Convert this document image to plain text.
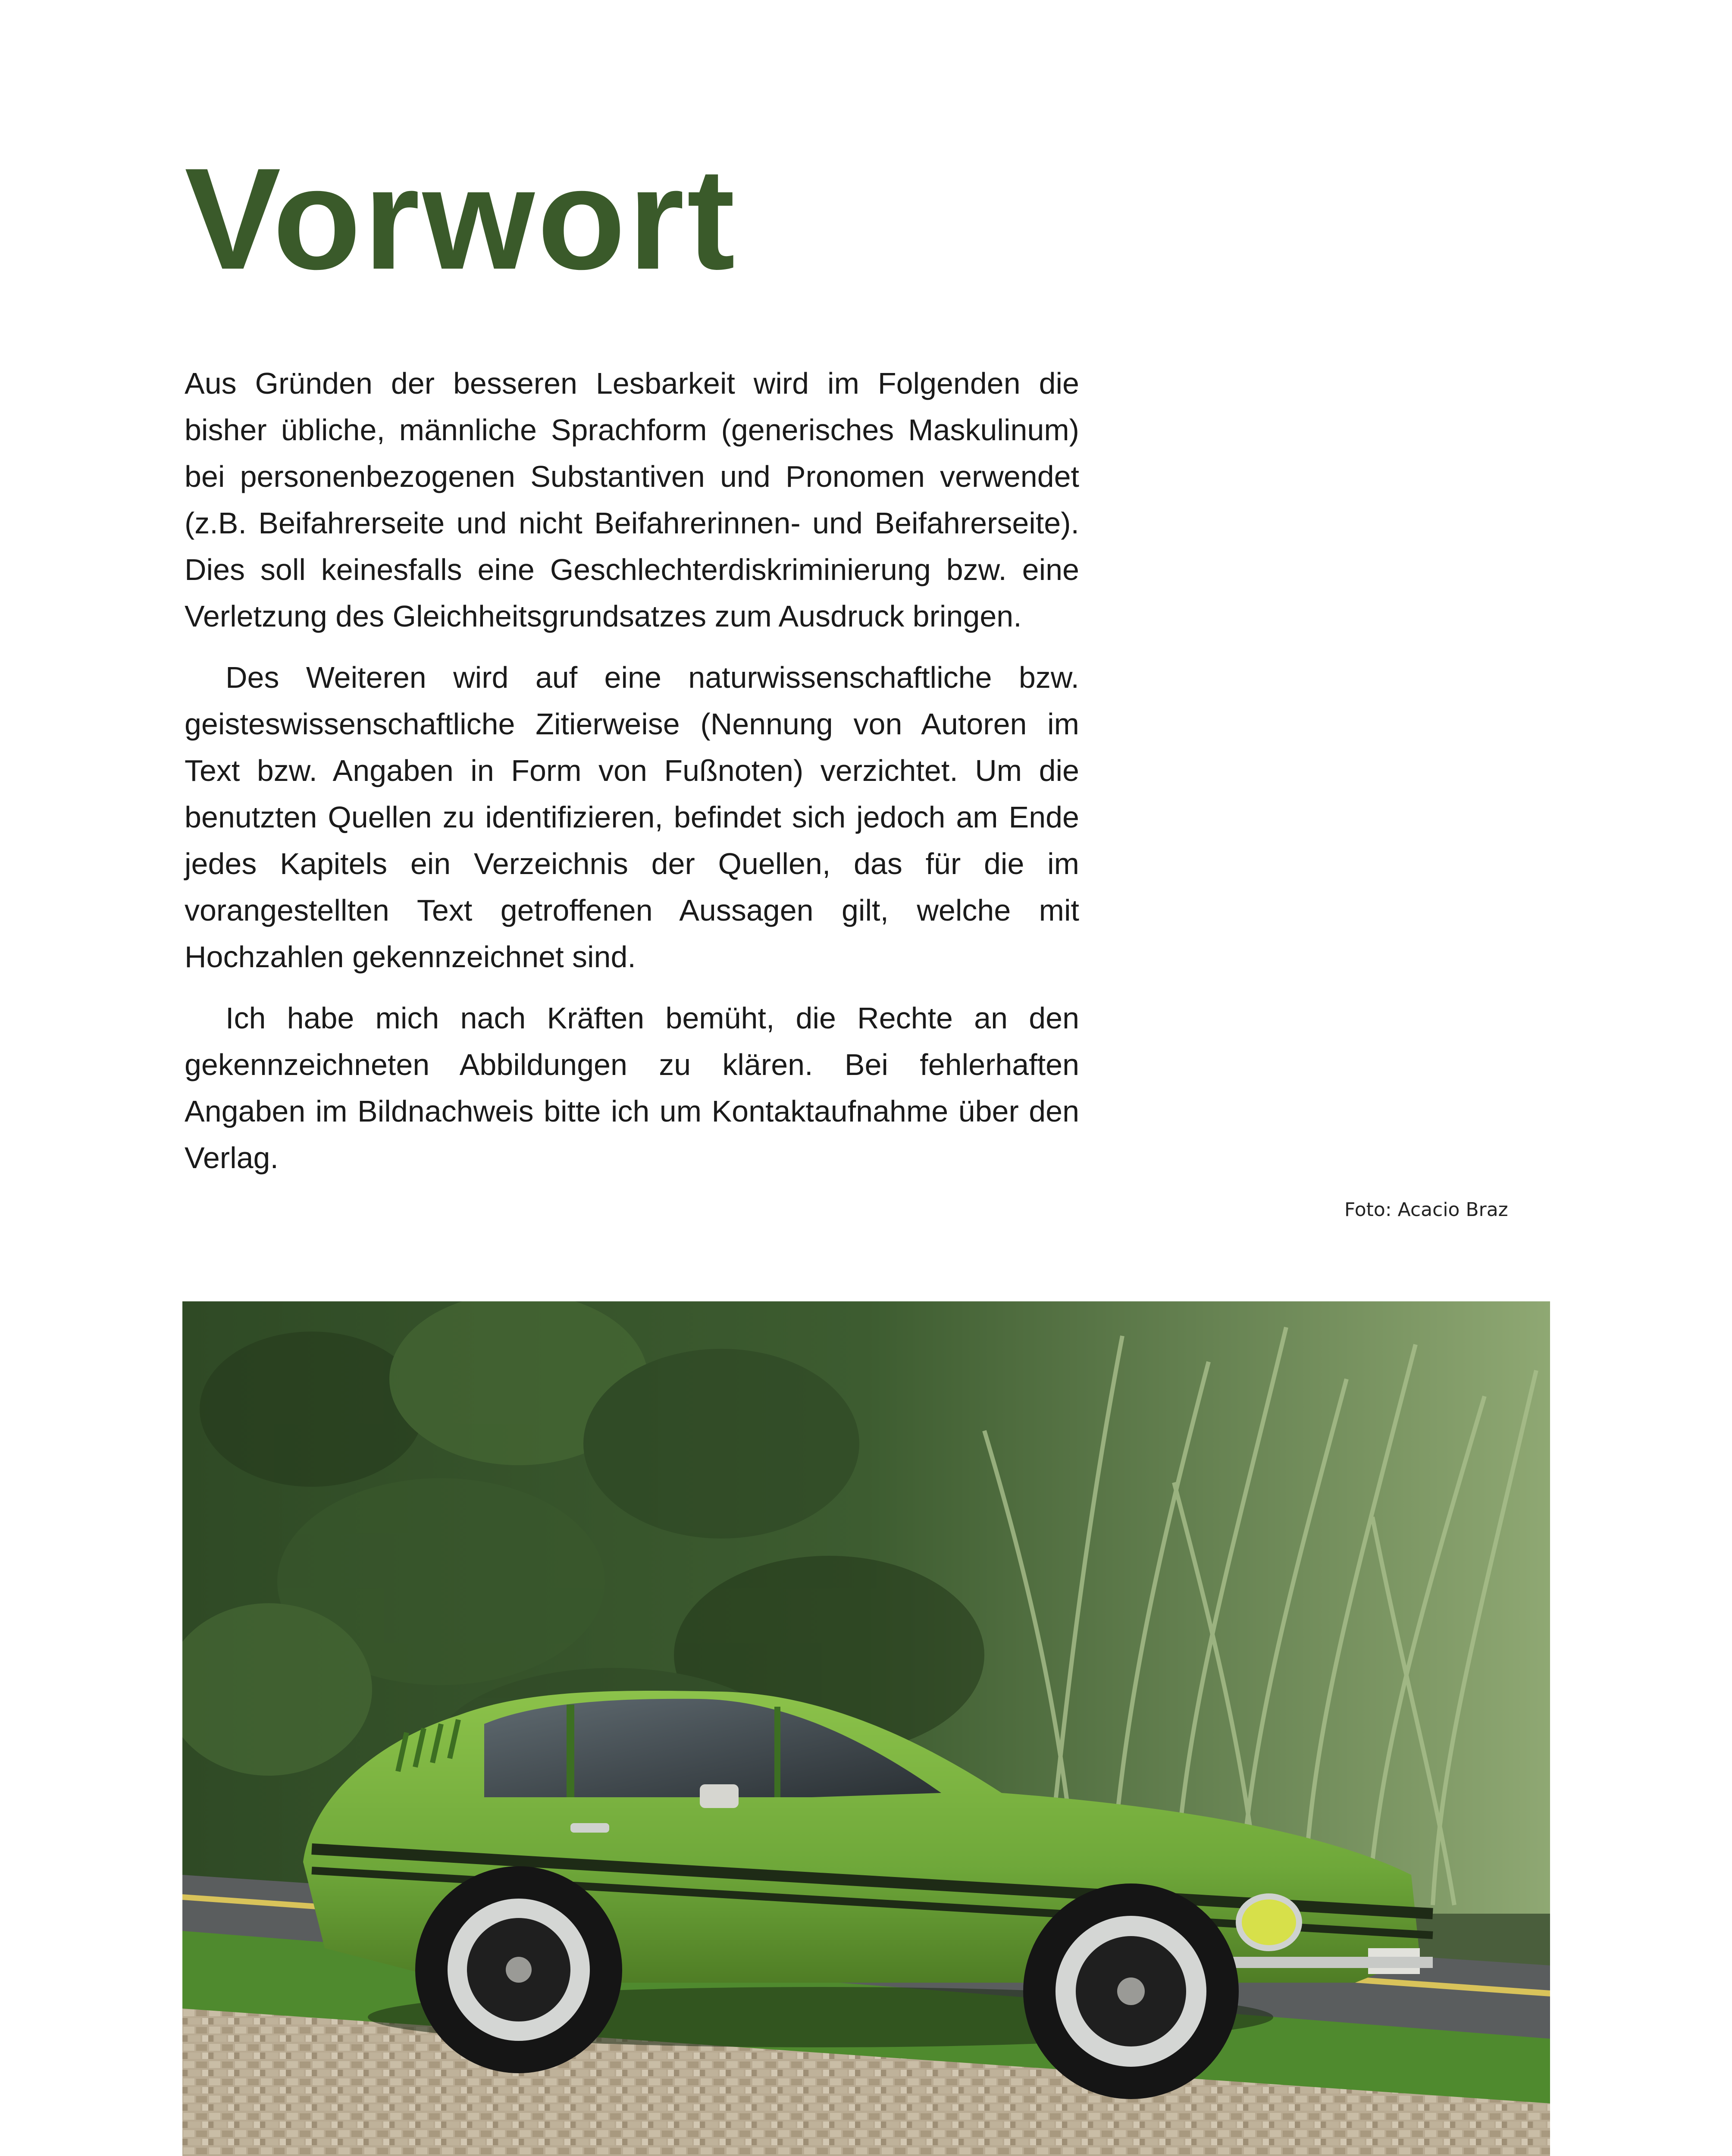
Vorwort

Aus Gründen der besseren Lesbarkeit wird im Folgenden die bisher übliche, männliche Sprachform (generisches Maskulinum) bei personenbezogenen Substantiven und Pronomen verwendet (z.B. Beifahrerseite und nicht Beifahrerinnen- und Beifahrerseite). Dies soll keinesfalls eine Geschlechterdiskriminierung bzw. eine Verletzung des Gleichheitsgrundsatzes zum Ausdruck bringen.

Des Weiteren wird auf eine naturwissenschaftliche bzw. geisteswissenschaftliche Zitierweise (Nennung von Autoren im Text bzw. Angaben in Form von Fußnoten) verzichtet. Um die benutzten Quellen zu identifizieren, befindet sich jedoch am Ende jedes Kapitels ein Verzeichnis der Quellen, das für die im vorangestellten Text getroffenen Aussagen gilt, welche mit Hochzahlen gekennzeichnet sind.

Ich habe mich nach Kräften bemüht, die Rechte an den gekennzeichneten Abbildungen zu klären. Bei fehlerhaften Angaben im Bildnachweis bitte ich um Kontaktaufnahme über den Verlag.

Foto: Acacio Braz
